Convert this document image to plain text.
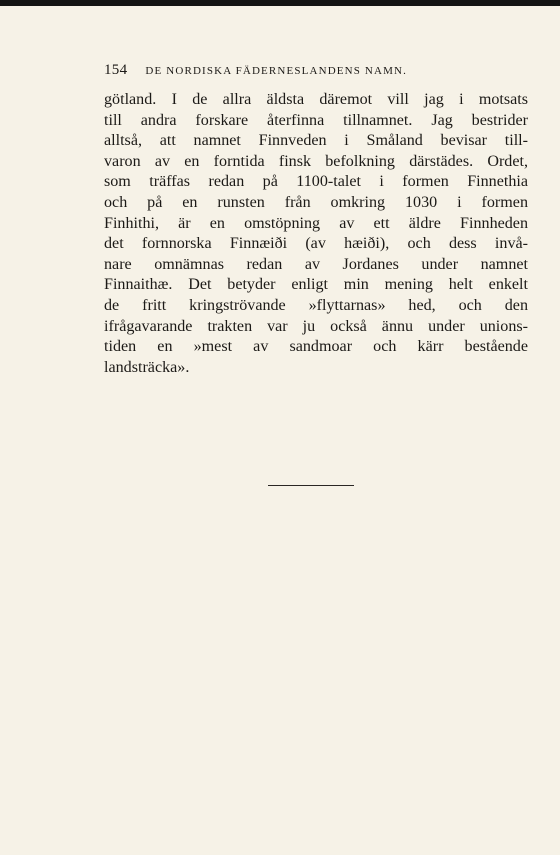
154 DE NORDISKA FÄDERNESLANDENS NAMN.
götland. I de allra äldsta däremot vill jag i motsats
till andra forskare återfinna tillnamnet. Jag bestrider
alltså, att namnet Finnveden i Småland bevisar till-
varon av en forntida finsk befolkning därstädes. Ordet,
som träffas redan på 1100-talet i formen Finnethia
och på en runsten från omkring 1030 i formen
Finhithi, är en omstöpning av ett äldre Finnheden
det fornnorska Finnæiði (av hæiði), och dess invå-
nare omnämnas redan av Jordanes under namnet
Finnaithæ. Det betyder enligt min mening helt enkelt
de fritt kringströvande »flyttarnas» hed, och den
ifrågavarande trakten var ju också ännu under unions-
tiden en »mest av sandmoar och kärr bestående
landsträcka».
